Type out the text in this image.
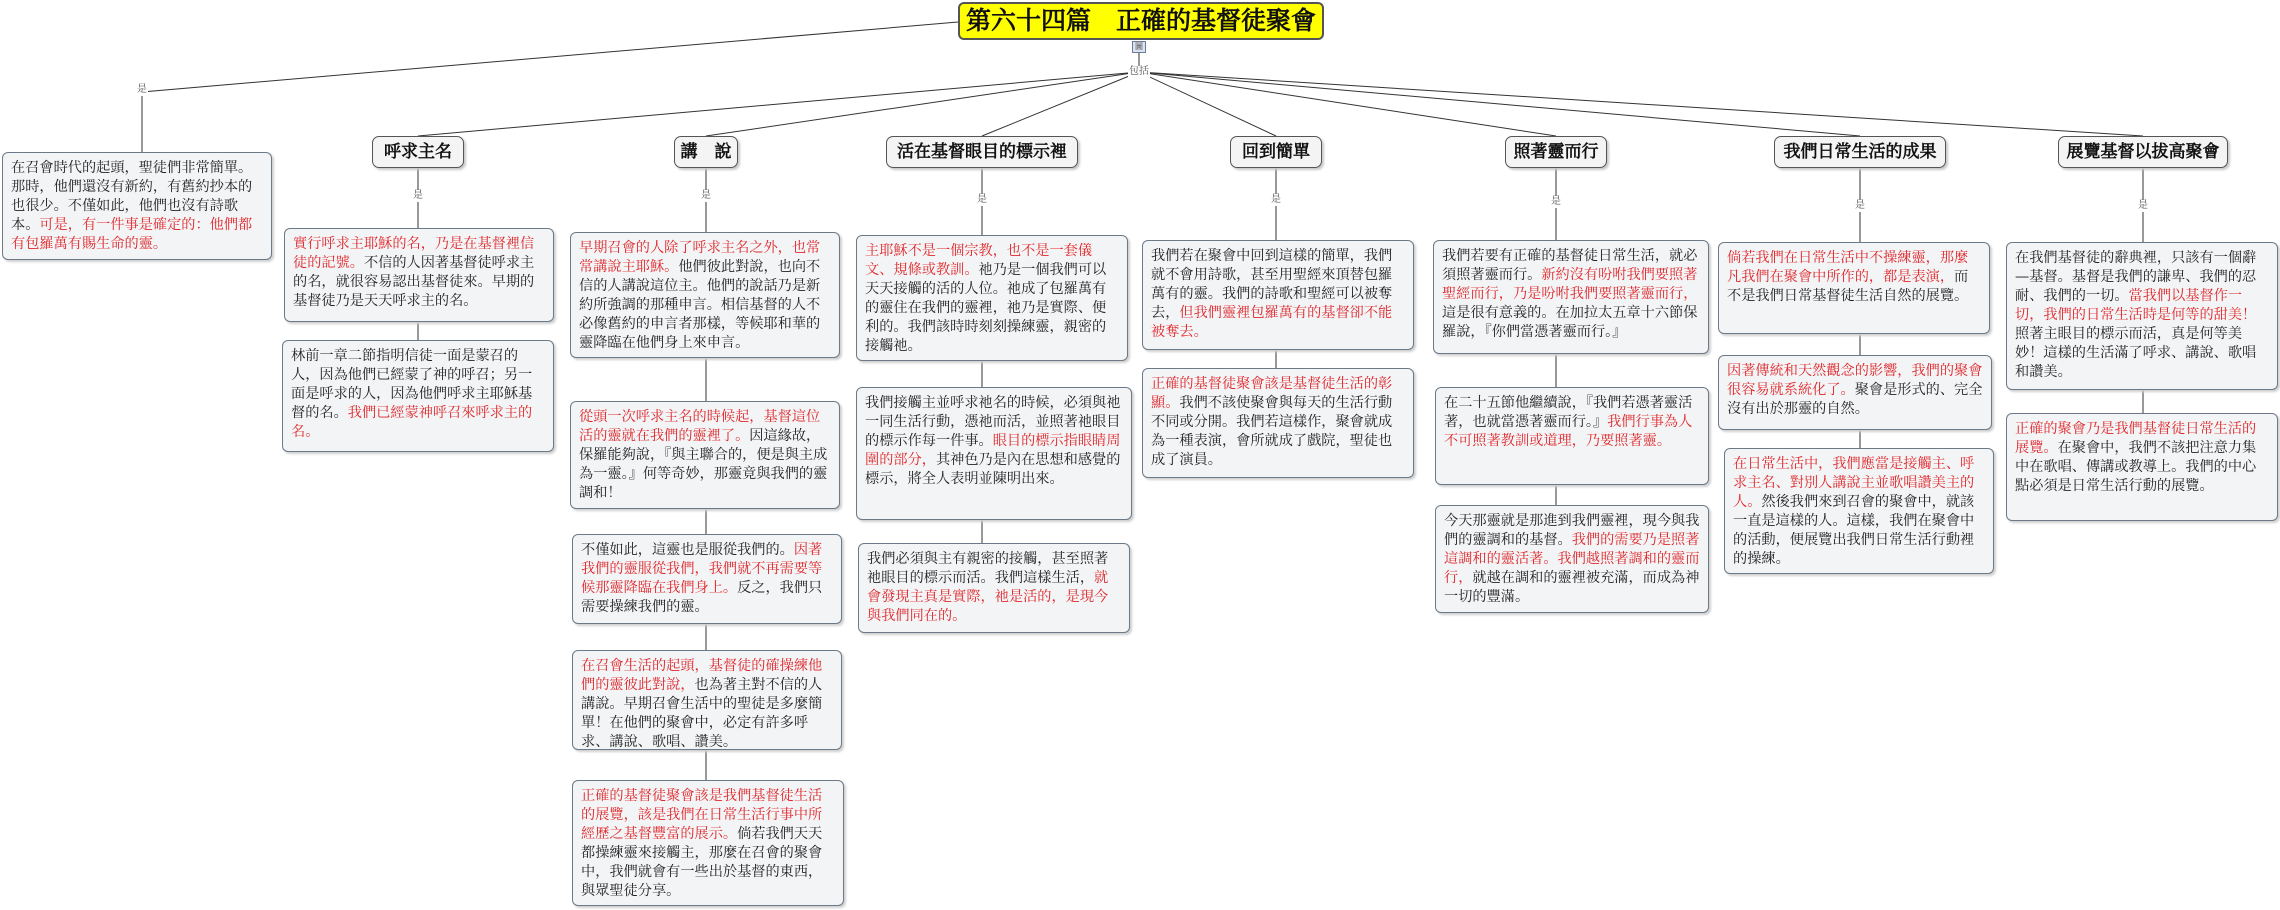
第六十四篇　正確的基督徒聚會
圖
包括
是
是	是	是	是	是	是	是
在召會時代的起頭，聖徒們非常簡單。那時，他們還沒有新約，有舊約抄本的也很少。不僅如此，他們也沒有詩歌本。可是，有一件事是確定的：他們都有包羅萬有賜生命的靈。
呼求主名	講　說	活在基督眼目的標示裡	回到簡單	照著靈而行	我們日常生活的成果	展覽基督以拔高聚會
實行呼求主耶穌的名，乃是在基督裡信徒的記號。不信的人因著基督徒呼求主的名，就很容易認出基督徒來。早期的基督徒乃是天天呼求主的名。
林前一章二節指明信徒一面是蒙召的人，因為他們已經蒙了神的呼召；另一面是呼求的人，因為他們呼求主耶穌基督的名。我們已經蒙神呼召來呼求主的名。
早期召會的人除了呼求主名之外，也常常講說主耶穌。他們彼此對說，也向不信的人講說這位主。他們的說話乃是新約所強調的那種申言。相信基督的人不必像舊約的申言者那樣，等候耶和華的靈降臨在他們身上來申言。
從頭一次呼求主名的時候起，基督這位活的靈就在我們的靈裡了。因這緣故，保羅能夠說，『與主聯合的，便是與主成為一靈。』何等奇妙，那靈竟與我們的靈調和！
不僅如此，這靈也是服從我們的。因著我們的靈服從我們，我們就不再需要等候那靈降臨在我們身上。反之，我們只需要操練我們的靈。
在召會生活的起頭，基督徒的確操練他們的靈彼此對說，也為著主對不信的人講說。早期召會生活中的聖徒是多麼簡單！在他們的聚會中，必定有許多呼求、講說、歌唱、讚美。
正確的基督徒聚會該是我們基督徒生活的展覽，該是我們在日常生活行事中所經歷之基督豐富的展示。倘若我們天天都操練靈來接觸主，那麼在召會的聚會中，我們就會有一些出於基督的東西，與眾聖徒分享。
主耶穌不是一個宗教，也不是一套儀文、規條或教訓。祂乃是一個我們可以天天接觸的活的人位。祂成了包羅萬有的靈住在我們的靈裡，祂乃是實際、便利的。我們該時時刻刻操練靈，親密的接觸祂。
我們接觸主並呼求祂名的時候，必須與祂一同生活行動，憑祂而活，並照著祂眼目的標示作每一件事。眼目的標示指眼睛周圍的部分，其神色乃是內在思想和感覺的標示，將全人表明並陳明出來。
我們必須與主有親密的接觸，甚至照著祂眼目的標示而活。我們這樣生活，就會發現主真是實際，祂是活的，是現今與我們同在的。
我們若在聚會中回到這樣的簡單，我們就不會用詩歌，甚至用聖經來頂替包羅萬有的靈。我們的詩歌和聖經可以被奪去，但我們靈裡包羅萬有的基督卻不能被奪去。
正確的基督徒聚會該是基督徒生活的彰顯。我們不該使聚會與每天的生活行動不同或分開。我們若這樣作，聚會就成為一種表演，會所就成了戲院，聖徒也成了演員。
我們若要有正確的基督徒日常生活，就必須照著靈而行。新約沒有吩咐我們要照著聖經而行，乃是吩咐我們要照著靈而行，這是很有意義的。在加拉太五章十六節保羅說，『你們當憑著靈而行。』
在二十五節他繼續說，『我們若憑著靈活著，也就當憑著靈而行。』我們行事為人不可照著教訓或道理，乃要照著靈。
今天那靈就是那進到我們靈裡，現今與我們的靈調和的基督。我們的需要乃是照著這調和的靈活著。我們越照著調和的靈而行，就越在調和的靈裡被充滿，而成為神一切的豐滿。
倘若我們在日常生活中不操練靈，那麼凡我們在聚會中所作的，都是表演，而不是我們日常基督徒生活自然的展覽。
因著傳統和天然觀念的影響，我們的聚會很容易就系統化了。聚會是形式的、完全沒有出於那靈的自然。
在日常生活中，我們應當是接觸主、呼求主名、對別人講說主並歌唱讚美主的人。然後我們來到召會的聚會中，就該一直是這樣的人。這樣，我們在聚會中的活動，便展覽出我們日常生活行動裡的操練。
在我們基督徒的辭典裡，只該有一個辭—基督。基督是我們的謙卑、我們的忍耐、我們的一切。當我們以基督作一切，我們的日常生活時是何等的甜美！照著主眼目的標示而活，真是何等美妙！這樣的生活滿了呼求、講說、歌唱和讚美。
正確的聚會乃是我們基督徒日常生活的展覽。在聚會中，我們不該把注意力集中在歌唱、傳講或教導上。我們的中心點必須是日常生活行動的展覽。
